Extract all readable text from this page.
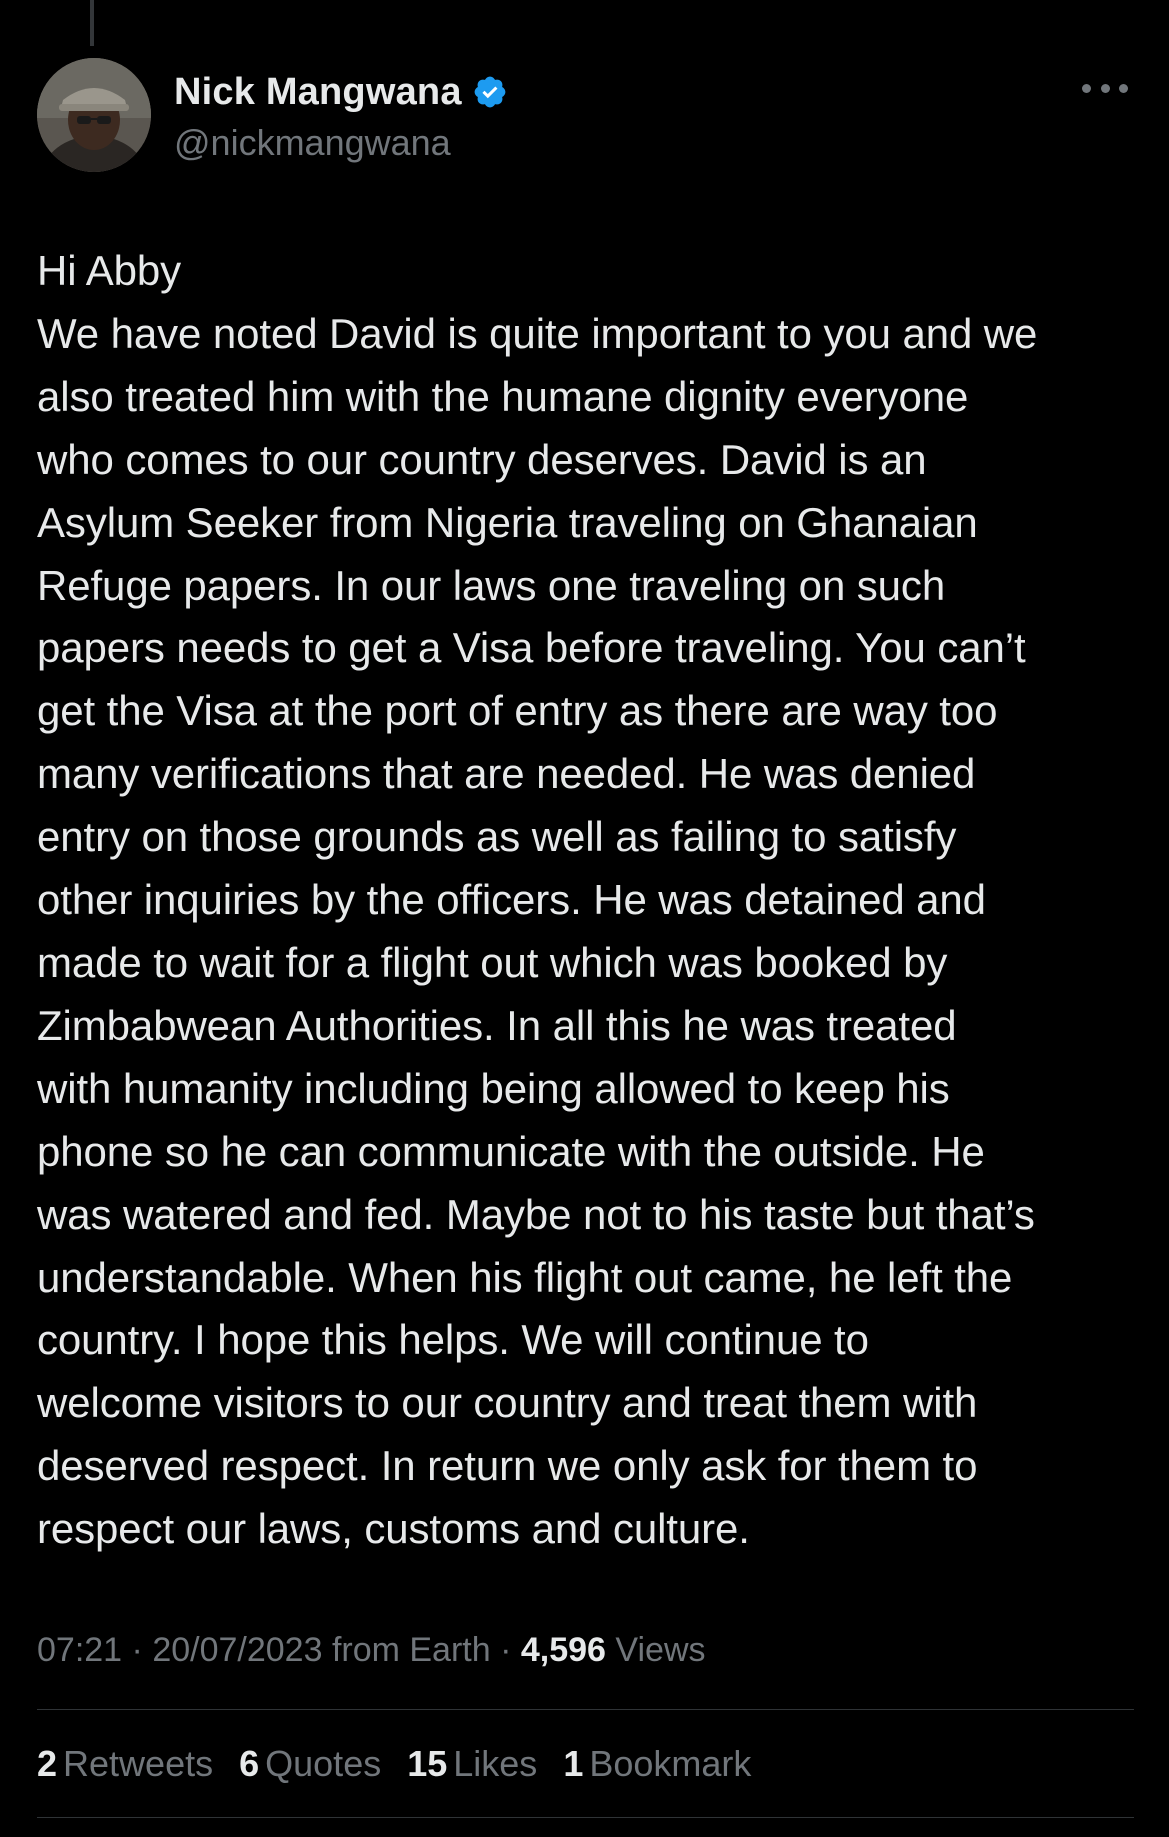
Nick Mangwana
@nickmangwana
Hi Abby
We have noted David is quite important to you and we
also treated him with the humane dignity everyone
who comes to our country deserves. David is an
Asylum Seeker from Nigeria traveling on Ghanaian
Refuge papers. In our laws one traveling on such
papers needs to get a Visa before traveling. You can’t
get the Visa at the port of entry as there are way too
many verifications that are needed. He was denied
entry on those grounds as well as failing to satisfy
other inquiries by the officers. He was detained and
made to wait for a flight out which was booked by
Zimbabwean Authorities. In all this he was treated
with humanity including being allowed to keep his
phone so he can communicate with the outside. He
was watered and fed. Maybe not to his taste but that’s
understandable. When his flight out came, he left the
country. I hope this helps. We will continue to
welcome visitors to our country and treat them with
deserved respect. In return we only ask for them to
respect our laws, customs and culture.
07:21 · 20/07/2023 from Earth · 4,596 Views
2 Retweets 6 Quotes 15 Likes 1 Bookmark
